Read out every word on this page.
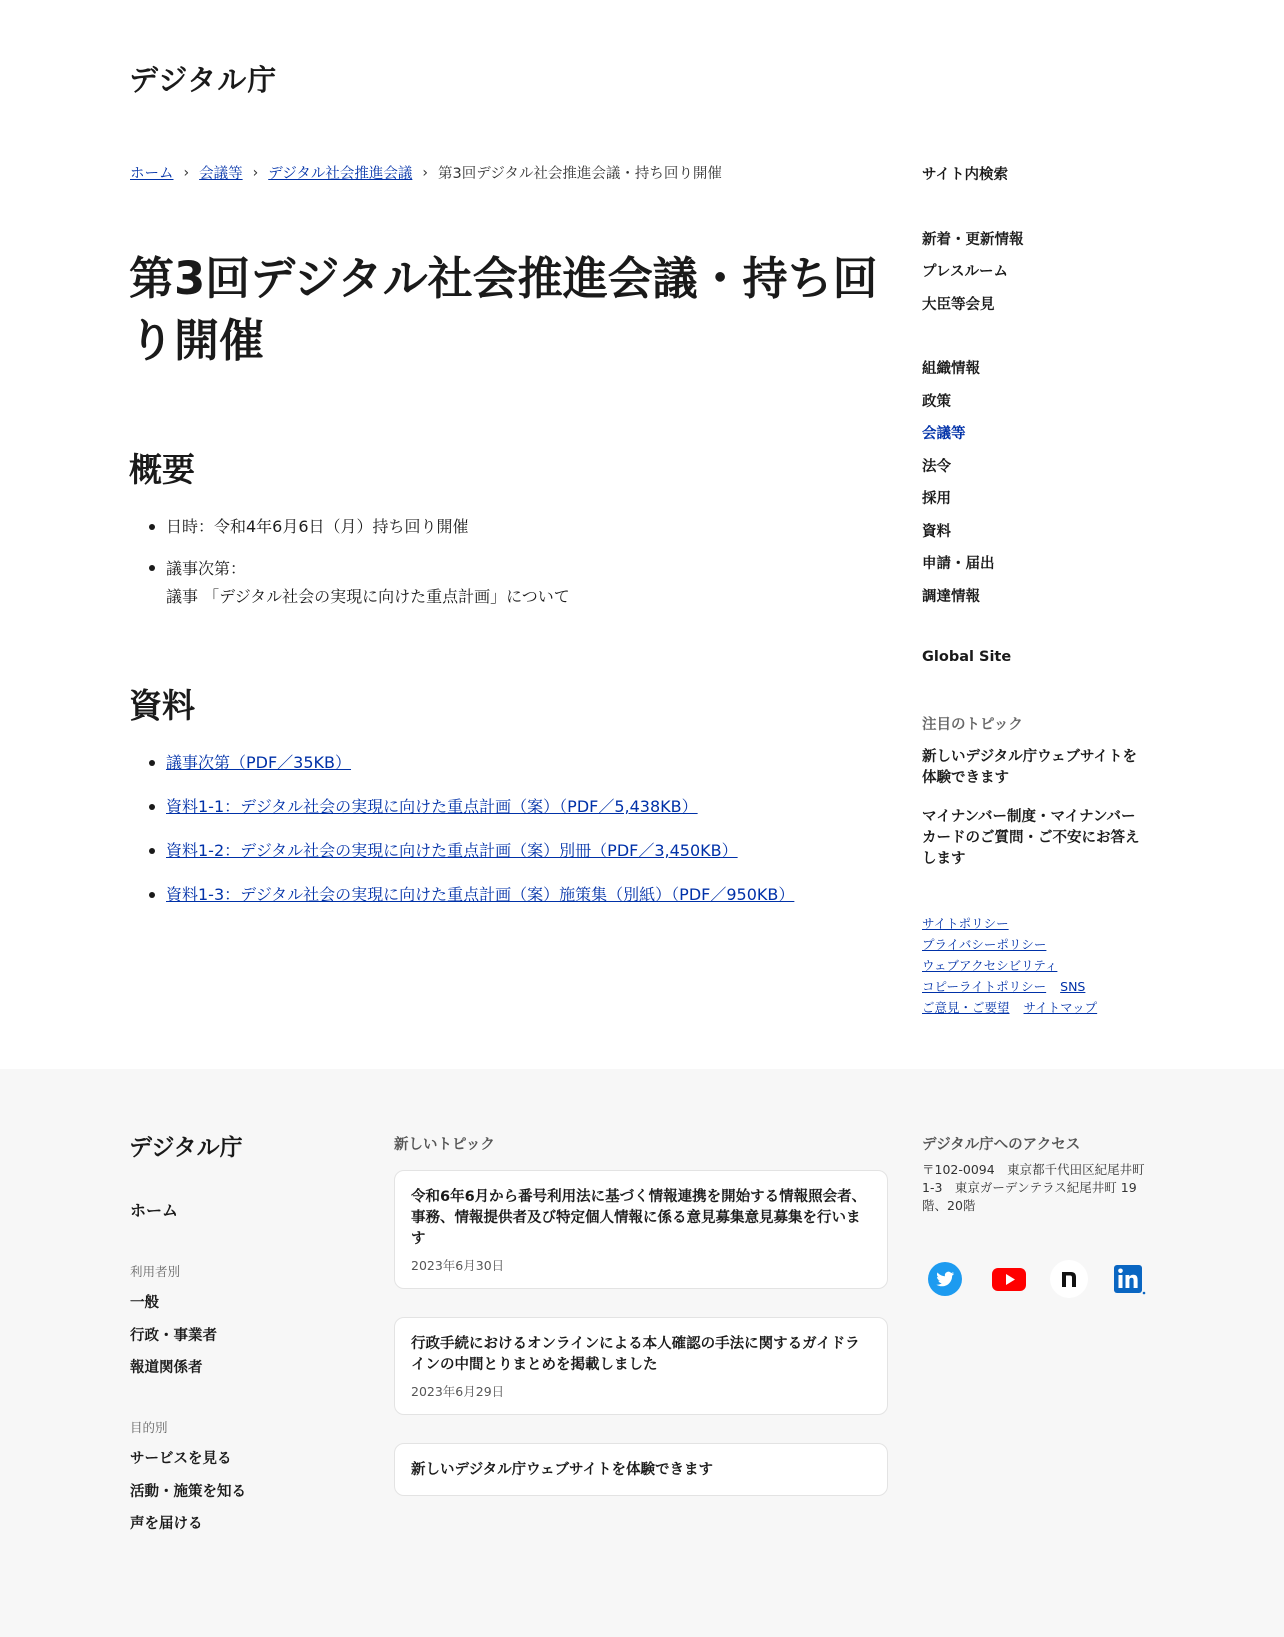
デジタル庁
ホーム › 会議等 › デジタル社会推進会議 › 第3回デジタル社会推進会議・持ち回り開催
第3回デジタル社会推進会議・持ち回り開催
概要
日時：令和4年6月6日（月）持ち回り開催
議事次第：
議事 「デジタル社会の実現に向けた重点計画」について
資料
議事次第（PDF／35KB）
資料1-1：デジタル社会の実現に向けた重点計画（案）（PDF／5,438KB）
資料1-2：デジタル社会の実現に向けた重点計画（案）別冊（PDF／3,450KB）
資料1-3：デジタル社会の実現に向けた重点計画（案）施策集（別紙）（PDF／950KB）
サイト内検索
新着・更新情報
プレスルーム
大臣等会見
組織情報
政策
会議等
法令
採用
資料
申請・届出
調達情報
Global Site
注目のトピック
新しいデジタル庁ウェブサイトを体験できます
マイナンバー制度・マイナンバーカードのご質問・ご不安にお答えします
サイトポリシー
プライバシーポリシー
ウェブアクセシビリティ
コピーライトポリシー SNS
ご意見・ご要望 サイトマップ
デジタル庁
ホーム
利用者別
一般
行政・事業者
報道関係者
目的別
サービスを見る
活動・施策を知る
声を届ける
新しいトピック
令和6年6月から番号利用法に基づく情報連携を開始する情報照会者、事務、情報提供者及び特定個人情報に係る意見募集意見募集を行います
2023年6月30日
行政手続におけるオンラインによる本人確認の手法に関するガイドラインの中間とりまとめを掲載しました
2023年6月29日
新しいデジタル庁ウェブサイトを体験できます
デジタル庁へのアクセス
〒102-0094　東京都千代田区紀尾井町1-3　東京ガーデンテラス紀尾井町 19階、20階
